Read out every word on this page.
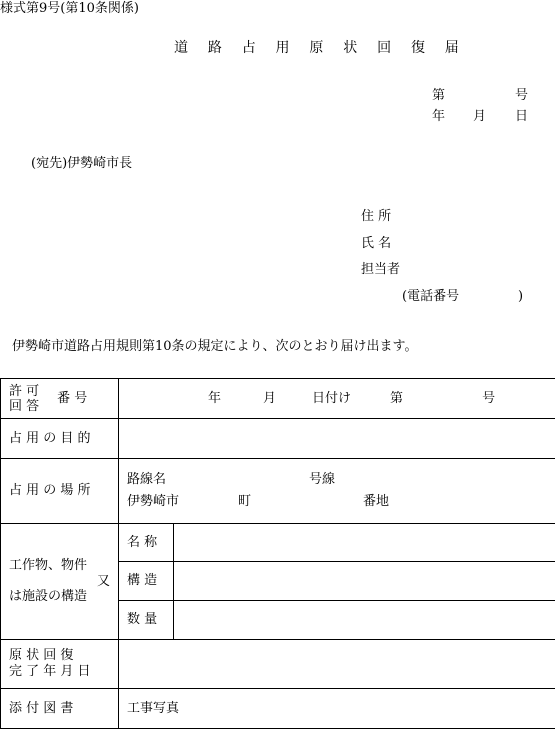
様式第9号(第10条関係)
道 路 占 用 原 状 回 復 届
第	号
年 月 日
(宛先)伊勢崎市長
住 所
氏 名
担当者
(電話番号	)
伊勢崎市道路占用規則第10条の規定により、次のとおり届け出ます。
許 可
回 答
番 号	年 月 日付け 第 号	
占 用 の 目 的		
占 用 の 場 所	路線名 号線
伊勢崎市 町 番地	

工作物、物件
又
は施設の構造	名 称	
	構 造	
	数 量	

原 状 回 復
完 了 年 月 日		

添 付 図 書	工事写真	
